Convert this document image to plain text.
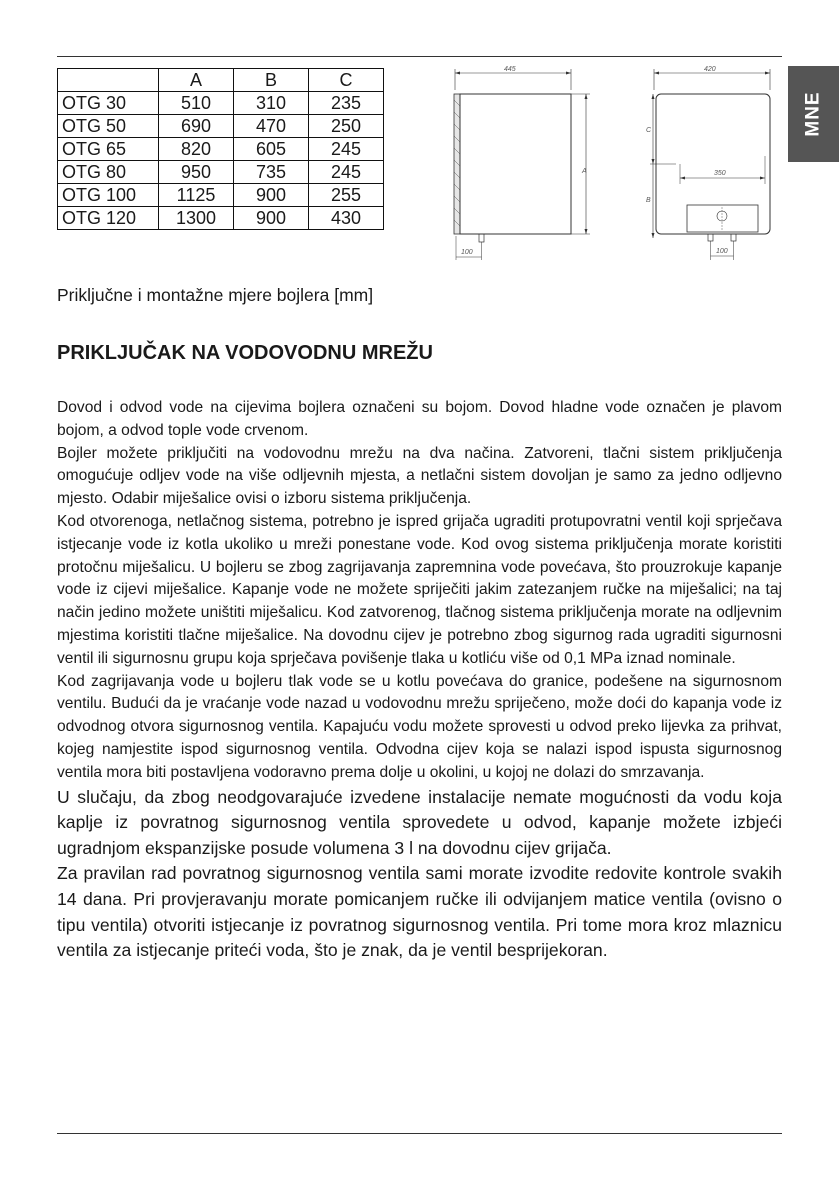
	A	B	C
OTG 30	510	310	235
OTG 50	690	470	250
OTG 65	820	605	245
OTG 80	950	735	245
OTG 100	1125	900	255
OTG 120	1300	900	430
445
A
100
420
C
B
350
100
MNE
Priključne i montažne mjere bojlera [mm]
PRIKLJUČAK NA VODOVODNU MREŽU

Dovod i odvod vode na cijevima bojlera označeni su bojom. Dovod hladne vode označen je plavom bojom, a odvod tople vode crvenom.

Bojler možete priključiti na vodovodnu mrežu na dva načina. Zatvoreni, tlačni sistem priključenja omogućuje odljev vode na više odljevnih mjesta, a netlačni sistem dovoljan je samo za jedno odljevno mjesto. Odabir miješalice ovisi o izboru sistema priključenja.

Kod otvorenoga, netlačnog sistema, potrebno je ispred grijača ugraditi protupovratni ventil koji sprječava istjecanje vode iz kotla ukoliko u mreži ponestane vode. Kod ovog sistema priključenja morate koristiti protočnu miješalicu. U bojleru se zbog zagrijavanja zapremnina vode povećava, što prouzrokuje kapanje vode iz cijevi miješalice. Kapanje vode ne možete spriječiti jakim zatezanjem ručke na miješalici; na taj način jedino možete uništiti miješalicu. Kod zatvorenog, tlačnog sistema priključenja morate na odljevnim mjestima koristiti tlačne miješalice. Na dovodnu cijev je potrebno zbog sigurnog rada ugraditi sigurnosni ventil ili sigurnosnu grupu koja sprječava povišenje tlaka u kotliću više od 0,1 MPa iznad nominale.

Kod zagrijavanja vode u bojleru tlak vode se u kotlu povećava do granice, podešene na sigurnosnom ventilu. Budući da je vraćanje vode nazad u vodovodnu mrežu spriječeno, može doći do kapanja vode iz odvodnog otvora sigurnosnog ventila. Kapajuću vodu možete sprovesti u odvod preko lijevka za prihvat, kojeg namjestite ispod sigurnosnog ventila. Odvodna cijev koja se nalazi ispod ispusta sigurnosnog ventila mora biti postavljena vodoravno prema dolje u okolini, u kojoj ne dolazi do smrzavanja.

U slučaju, da zbog neodgovarajuće izvedene instalacije nemate mogućnosti da vodu koja kaplje iz povratnog sigurnosnog ventila sprovedete u odvod, kapanje možete izbjeći ugradnjom ekspanzijske posude volumena 3 l na dovodnu cijev grijača.

Za pravilan rad povratnog sigurnosnog ventila sami morate izvodite redovite kontrole svakih 14 dana. Pri provjeravanju morate pomicanjem ručke ili odvijanjem matice ventila (ovisno o tipu ventila) otvoriti istjecanje iz povratnog sigurnosnog ventila. Pri tome mora kroz mlaznicu ventila za istjecanje priteći voda, što je znak, da je ventil besprijekoran.
